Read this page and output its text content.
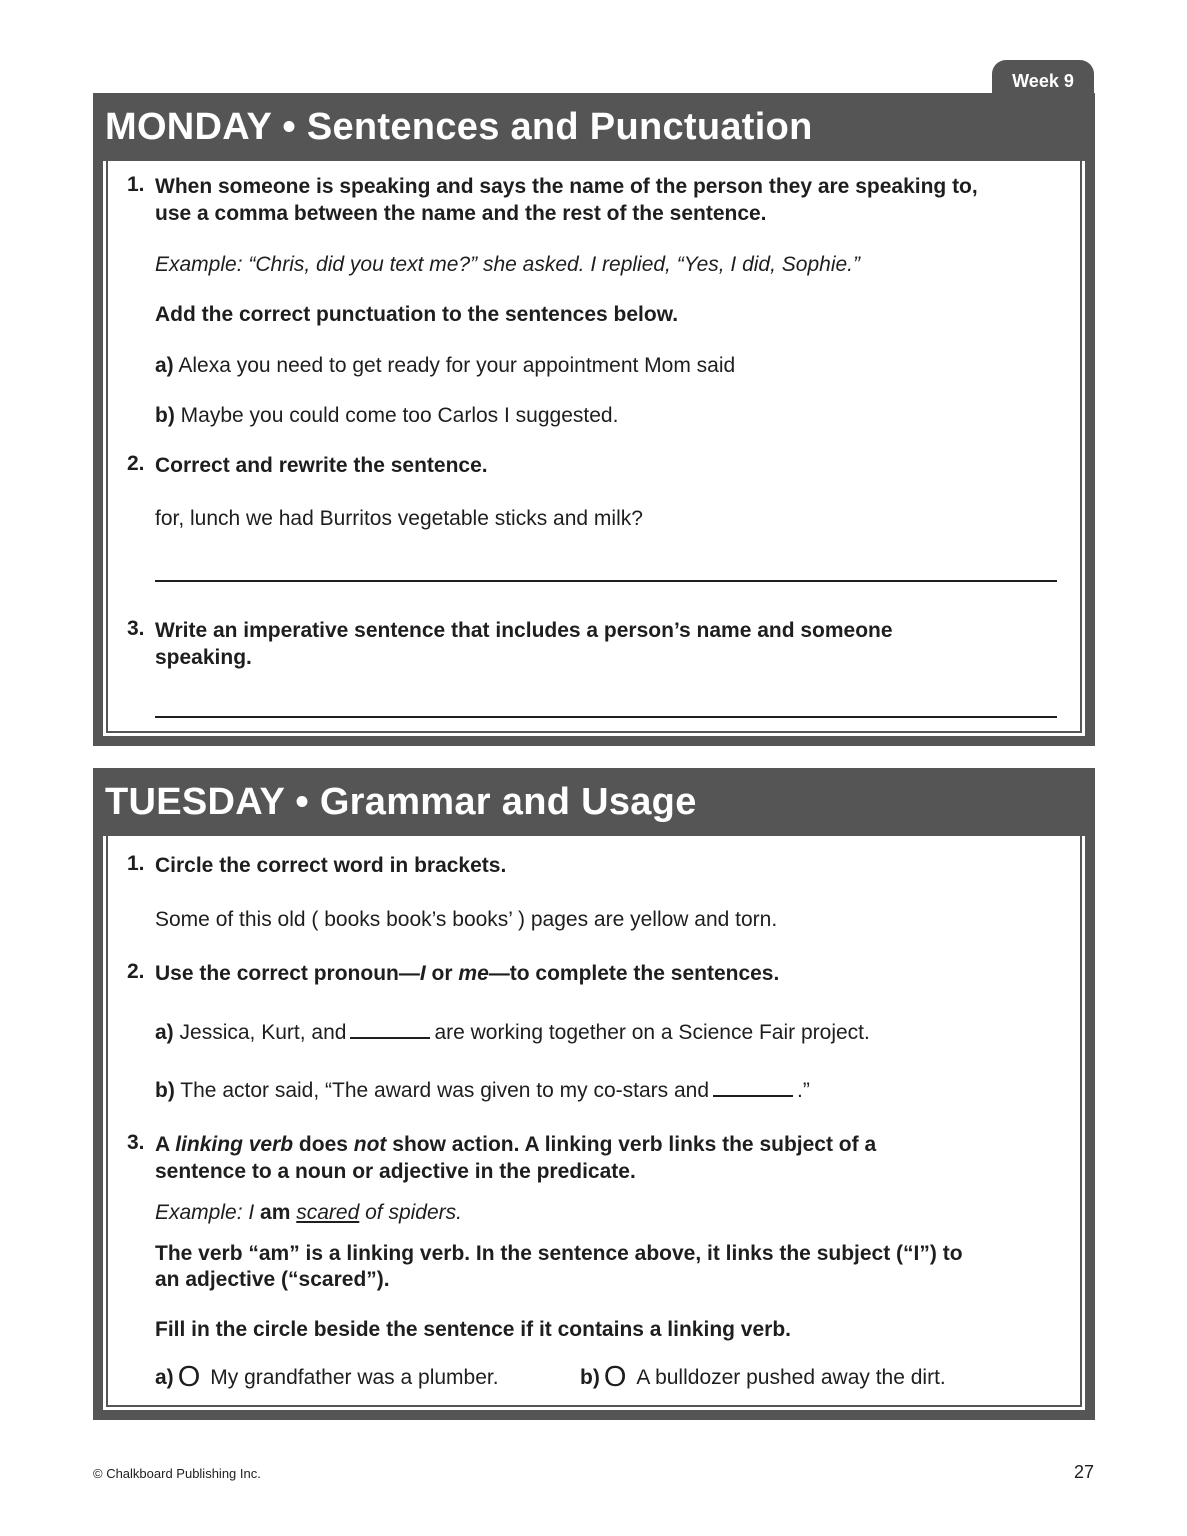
Week 9
MONDAY • Sentences and Punctuation
1. When someone is speaking and says the name of the person they are speaking to,
use a comma between the name and the rest of the sentence.
Example: “Chris, did you text me?” she asked. I replied, “Yes, I did, Sophie.”
Add the correct punctuation to the sentences below.
a) Alexa you need to get ready for your appointment Mom said
b) Maybe you could come too Carlos I suggested.
2. Correct and rewrite the sentence.
for, lunch we had Burritos vegetable sticks and milk?
3. Write an imperative sentence that includes a person’s name and someone
speaking.
TUESDAY • Grammar and Usage
1. Circle the correct word in brackets.
Some of this old ( books book’s books’ ) pages are yellow and torn.
2. Use the correct pronoun—I or me—to complete the sentences.
a) Jessica, Kurt, and	are working together on a Science Fair project.
b) The actor said, “The award was given to my co-stars and	.”
3. A linking verb does not show action. A linking verb links the subject of a
sentence to a noun or adjective in the predicate.
Example: I am scared of spiders.
The verb “am” is a linking verb. In the sentence above, it links the subject (“I”) to
an adjective (“scared”).
Fill in the circle beside the sentence if it contains a linking verb.
a) O My grandfather was a plumber.	b) O A bulldozer pushed away the dirt.
© Chalkboard Publishing Inc.	27
